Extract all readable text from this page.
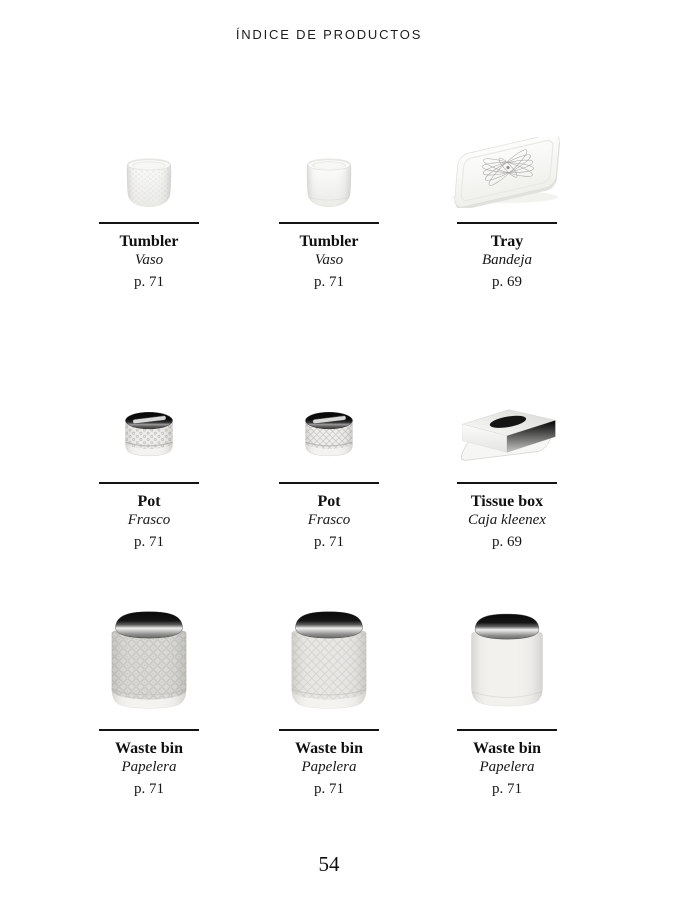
ÍNDICE DE PRODUCTOS
Tumbler
Vaso
p. 71
Tumbler
Vaso
p. 71
Tray
Bandeja
p. 69
Pot
Frasco
p. 71
Pot
Frasco
p. 71
Tissue box
Caja kleenex
p. 69
Waste bin
Papelera
p. 71
Waste bin
Papelera
p. 71
Waste bin
Papelera
p. 71
54
